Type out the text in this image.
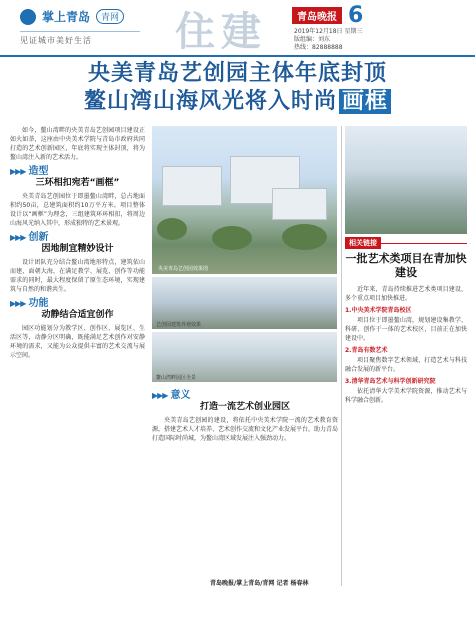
掌上青岛	青网
见证城市美好生活	住建	青岛晚报 6
2019年12月18日 星期三
版组编：刘东
热线：82888888
央美青岛艺创园主体年底封顶
鳌山湾山海风光将入时尚 画框

如今，鳌山湾畔的央美青岛艺创园项目建设正如火如荼，这座由中央美术学院与青岛市政府共同打造的艺术创新园区，年底将实现主体封顶，将为鳌山湾注入新的艺术活力。

▶▶▶ 造型
三环相扣宛若“画框”

央美青岛艺创园位于即墨鳌山湾畔，总占地面积约50亩，总建筑面积约10万平方米。项目整体设计以“画框”为理念，三组建筑环环相扣，将周边山海风光纳入其中，形成独特的艺术景观。

▶▶▶ 创新
因地制宜精妙设计

设计团队充分结合鳌山湾地形特点，建筑依山而建，面朝大海，在满足教学、展览、创作等功能需求的同时，最大程度保留了原生态环境，实现建筑与自然的和谐共生。

▶▶▶ 功能
动静结合适宜创作

园区功能划分为教学区、创作区、展览区、生活区等，动静分区明确，既能满足艺术创作对安静环境的需求，又能为公众提供丰富的艺术交流与展示空间。

央美青岛艺创园效果图
艺创园建筑外观效果
鳌山湾畔园区全景
▶▶▶ 意义
打造一流艺术创业园区

央美青岛艺创园的建设，将依托中央美术学院一流的艺术教育资源，搭建艺术人才培养、艺术创作交流和文化产业发展平台，助力青岛打造国际时尚城，为鳌山湾区域发展注入强劲动力。

相关链接
一批艺术类项目在青加快建设

近年来，青岛持续推进艺术类项目建设，多个重点项目加快推进。

1.中央美术学院青岛校区

项目位于即墨鳌山湾，规划建设集教学、科研、创作于一体的艺术校区，目前正在加快建设中。

2.青岛有数艺术

项目聚焦数字艺术领域，打造艺术与科技融合发展的新平台。

3.清华青岛艺术与科学创新研究院

依托清华大学美术学院资源，推动艺术与科学融合创新。

青岛晚报/掌上青岛/青网 记者 杨春林
